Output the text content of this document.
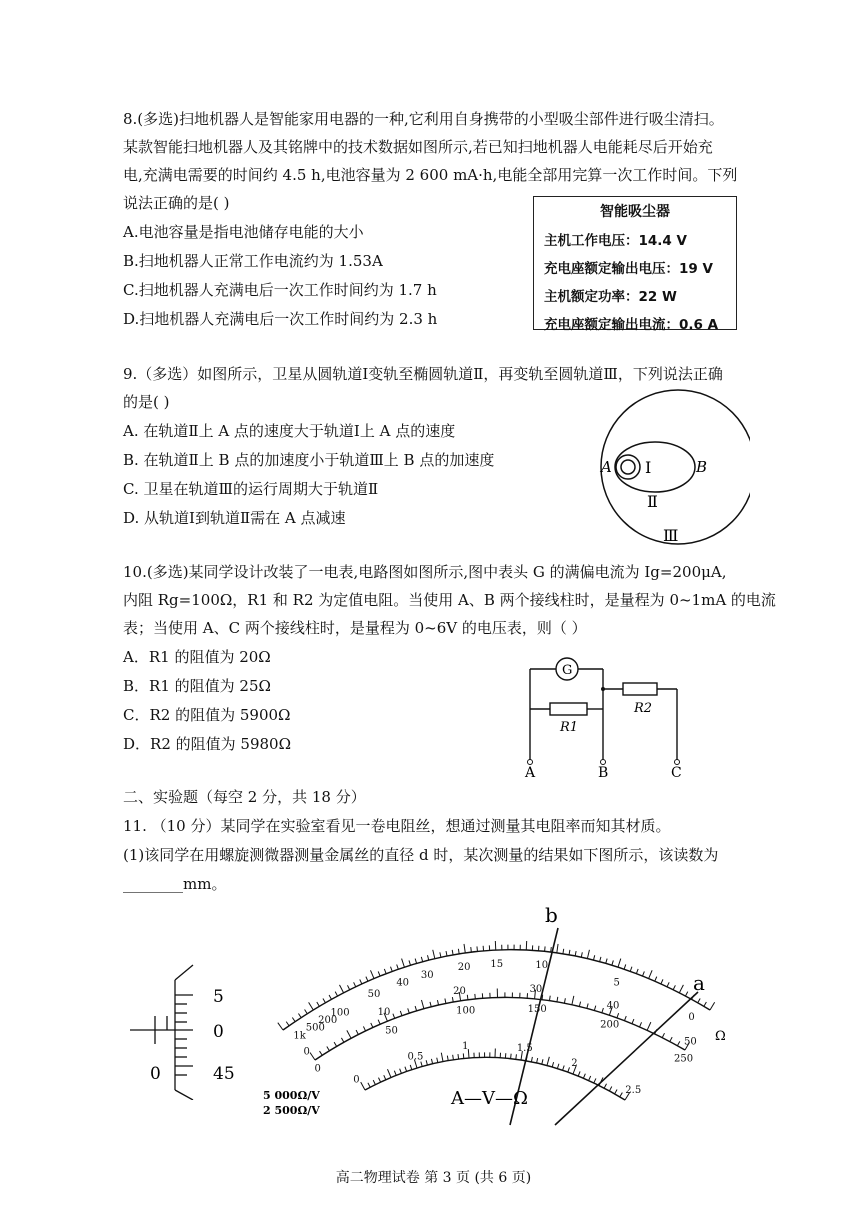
8.(多选)扫地机器人是智能家用电器的一种,它利用自身携带的小型吸尘部件进行吸尘清扫。
某款智能扫地机器人及其铭牌中的技术数据如图所示,若已知扫地机器人电能耗尽后开始充
电,充满电需要的时间约 4.5 h,电池容量为 2 600 mA·h,电能全部用完算一次工作时间。下列
说法正确的是( )
A.电池容量是指电池储存电能的大小
B.扫地机器人正常工作电流约为 1.53A
C.扫地机器人充满电后一次工作时间约为 1.7 h
D.扫地机器人充满电后一次工作时间约为 2.3 h
智能吸尘器
主机工作电压：14.4 V
充电座额定输出电压：19 V
主机额定功率：22 W
充电座额定输出电流：0.6 A
9.（多选）如图所示，卫星从圆轨道Ⅰ变轨至椭圆轨道Ⅱ，再变轨至圆轨道Ⅲ，下列说法正确
的是( )
A. 在轨道Ⅱ上 A 点的速度大于轨道Ⅰ上 A 点的速度
B. 在轨道Ⅱ上 B 点的加速度小于轨道Ⅲ上 B 点的加速度
C. 卫星在轨道Ⅲ的运行周期大于轨道Ⅱ
D. 从轨道Ⅰ到轨道Ⅱ需在 A 点减速
A	B
Ⅰ
Ⅱ
Ⅲ
10.(多选)某同学设计改装了一电表,电路图如图所示,图中表头 G 的满偏电流为 Ig=200μA,
内阻 Rg=100Ω，R1 和 R2 为定值电阻。当使用 A、B 两个接线柱时，是量程为 0~1mA 的电流
表；当使用 A、C 两个接线柱时，是量程为 0~6V 的电压表，则（ ）
A．R1 的阻值为 20Ω
B．R1 的阻值为 25Ω
C．R2 的阻值为 5900Ω
D．R2 的阻值为 5980Ω
G
R1
R2
A	B	C
二、实验题（每空 2 分，共 18 分）
11. （10 分）某同学在实验室看见一卷电阻丝，想通过测量其电阻率而知其材质。
(1)该同学在用螺旋测微器测量金属丝的直径 d 时，某次测量的结果如下图所示，该读数为
________mm。
5
0
45
0
1k
500
200
100
50
40
30
20 15	10
5
0
0
50
100	150
200
250
0
10
20	30
40
50
0
0.5
1	1.5
2
2.5
b
a
Ω
A—V—Ω
5 000Ω/V
2 500Ω/V
高二物理试卷 第 3 页 (共 6 页)
